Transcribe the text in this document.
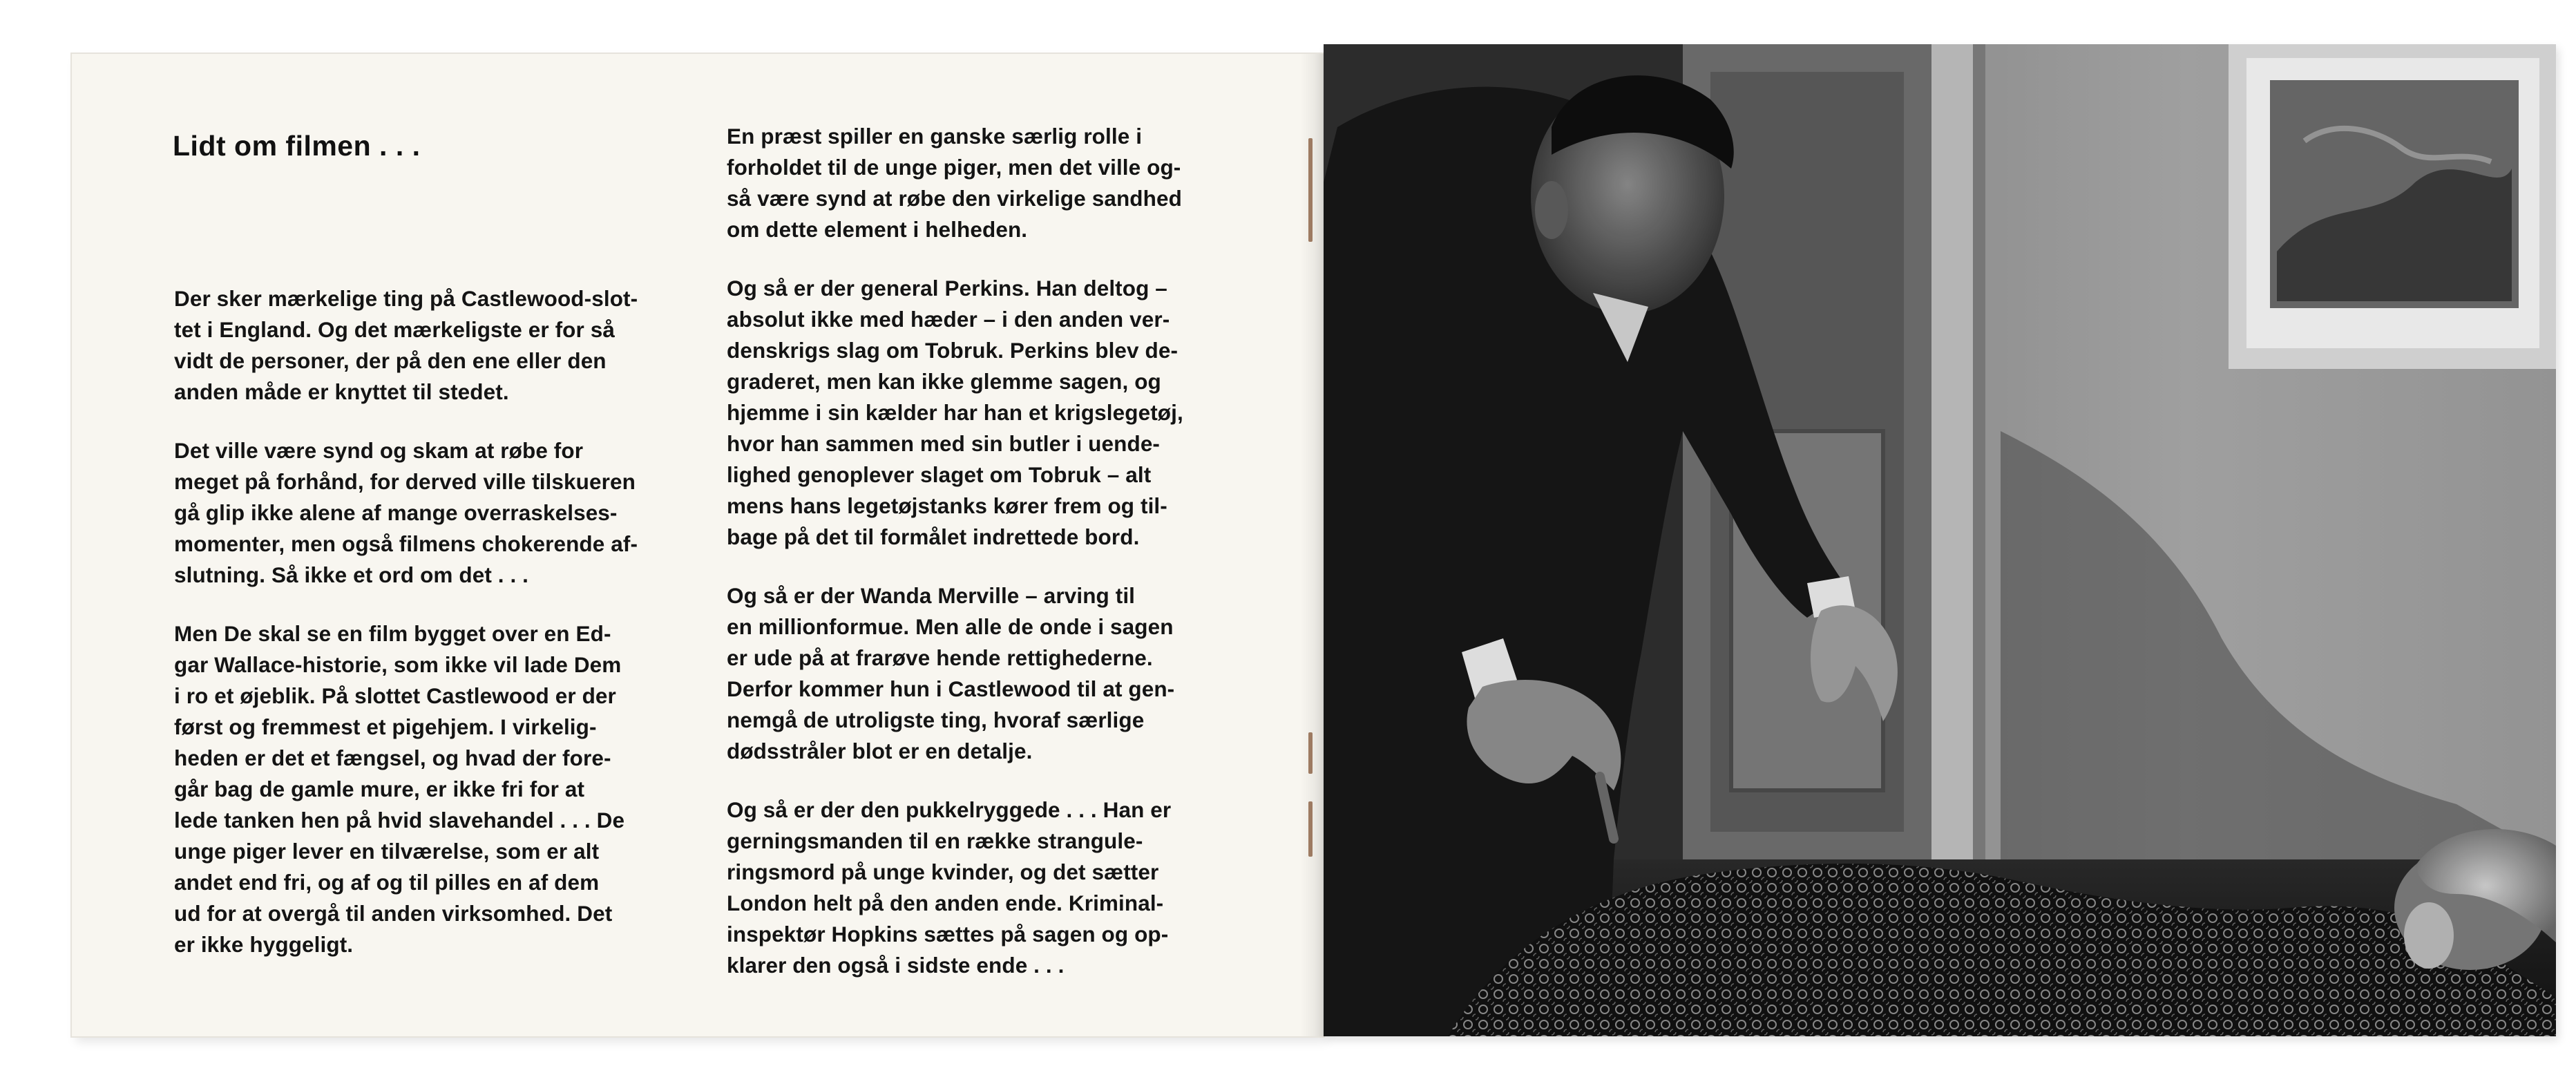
Lidt om filmen . . .

Der sker mærkelige ting på Castlewood-slot-
tet i England. Og det mærkeligste er for så
vidt de personer, der på den ene eller den
anden måde er knyttet til stedet.

Det ville være synd og skam at røbe for
meget på forhånd, for derved ville tilskueren
gå glip ikke alene af mange overraskelses-
momenter, men også filmens chokerende af-
slutning. Så ikke et ord om det . . .

Men De skal se en film bygget over en Ed-
gar Wallace-historie, som ikke vil lade Dem
i ro et øjeblik. På slottet Castlewood er der
først og fremmest et pigehjem. I virkelig-
heden er det et fængsel, og hvad der fore-
går bag de gamle mure, er ikke fri for at
lede tanken hen på hvid slavehandel . . . De
unge piger lever en tilværelse, som er alt
andet end fri, og af og til pilles en af dem
ud for at overgå til anden virksomhed. Det
er ikke hyggeligt.

En præst spiller en ganske særlig rolle i
forholdet til de unge piger, men det ville og-
så være synd at røbe den virkelige sandhed
om dette element i helheden.

Og så er der general Perkins. Han deltog –
absolut ikke med hæder – i den anden ver-
denskrigs slag om Tobruk. Perkins blev de-
graderet, men kan ikke glemme sagen, og
hjemme i sin kælder har han et krigslegetøj,
hvor han sammen med sin butler i uende-
lighed genoplever slaget om Tobruk – alt
mens hans legetøjstanks kører frem og til-
bage på det til formålet indrettede bord.

Og så er der Wanda Merville – arving til
en millionformue. Men alle de onde i sagen
er ude på at frarøve hende rettighederne.
Derfor kommer hun i Castlewood til at gen-
nemgå de utroligste ting, hvoraf særlige
dødsstråler blot er en detalje.

Og så er der den pukkelryggede . . . Han er
gerningsmanden til en række strangule-
ringsmord på unge kvinder, og det sætter
London helt på den anden ende. Kriminal-
inspektør Hopkins sættes på sagen og op-
klarer den også i sidste ende . . .
